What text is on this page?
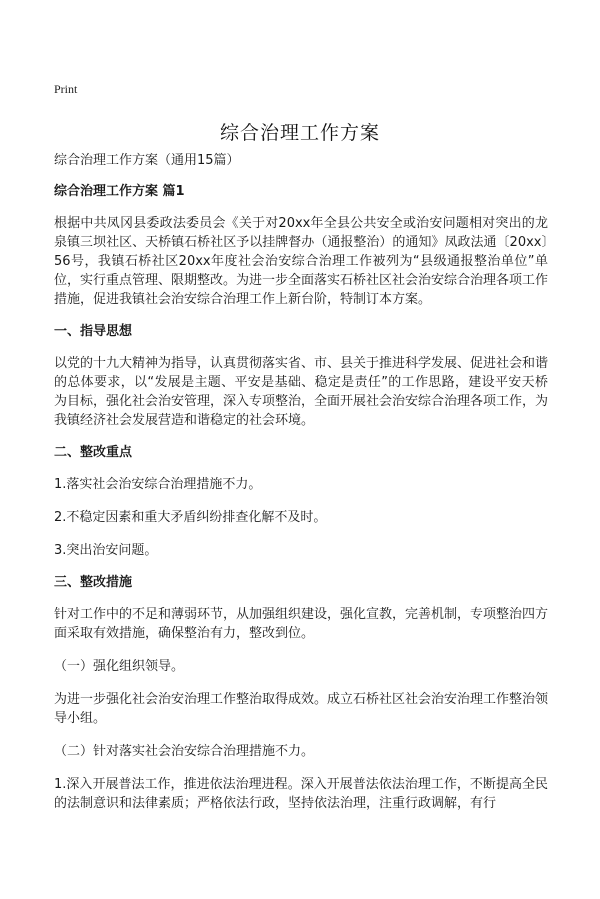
Print
综合治理工作方案
综合治理工作方案（通用15篇）
综合治理工作方案 篇1
根据中共凤冈县委政法委员会《关于对20xx年全县公共安全或治安问题相对突出的龙泉镇三坝社区、天桥镇石桥社区予以挂牌督办（通报整治）的通知》凤政法通〔20xx〕56号，我镇石桥社区20xx年度社会治安综合治理工作被列为“县级通报整治单位”单位，实行重点管理、限期整改。为进一步全面落实石桥社区社会治安综合治理各项工作措施，促进我镇社会治安综合治理工作上新台阶，特制订本方案。
一、指导思想
以党的十九大精神为指导，认真贯彻落实省、市、县关于推进科学发展、促进社会和谐的总体要求，以“发展是主题、平安是基础、稳定是责任”的工作思路，建设平安天桥为目标，强化社会治安管理，深入专项整治，全面开展社会治安综合治理各项工作，为我镇经济社会发展营造和谐稳定的社会环境。
二、整改重点
1.落实社会治安综合治理措施不力。
2.不稳定因素和重大矛盾纠纷排查化解不及时。
3.突出治安问题。
三、整改措施
针对工作中的不足和薄弱环节，从加强组织建设，强化宣教，完善机制，专项整治四方面采取有效措施，确保整治有力，整改到位。
（一）强化组织领导。
为进一步强化社会治安治理工作整治取得成效。成立石桥社区社会治安治理工作整治领导小组。
（二）针对落实社会治安综合治理措施不力。
1.深入开展普法工作，推进依法治理进程。深入开展普法依法治理工作，不断提高全民的法制意识和法律素质；严格依法行政，坚持依法治理，注重行政调解，有行
